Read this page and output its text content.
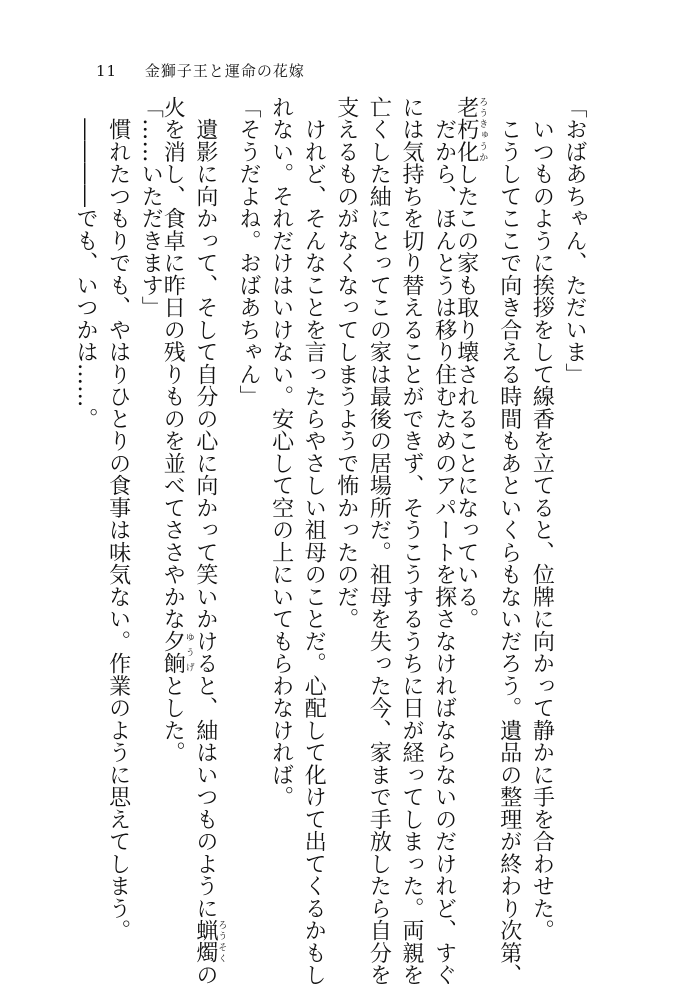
11 金獅子王と運命の花嫁
「おばあちゃん、ただいま」
　いつものように挨拶をして線香を立てると、位牌に向かって静かに手を合わせた。
　こうしてここで向き合える時間もあといくらもないだろう。遺品の整理が終わり次第、
老朽化ろうきゅうかしたこの家も取り壊されることになっている。
　だから、ほんとうは移り住むためのアパートを探さなければならないのだけれど、すぐ
には気持ちを切り替えることができず、そうこうするうちに日が経ってしまった。両親を
亡くした紬にとってこの家は最後の居場所だ。祖母を失った今、家まで手放したら自分を
支えるものがなくなってしまうようで怖かったのだ。
　けれど、そんなことを言ったらやさしい祖母のことだ。心配して化けて出てくるかもし
れない。それだけはいけない。安心して空の上にいてもらわなければ。
「そうだよね。おばあちゃん」
　遺影に向かって、そして自分の心に向かって笑いかけると、紬はいつものように蝋燭ろうそくの
火を消し、食卓に昨日の残りものを並べてささやかな夕餉ゆうげとした。
「……いただきます」
　慣れたつもりでも、やはりひとりの食事は味気ない。作業のように思えてしまう。
　――――でも、いつかは……。
